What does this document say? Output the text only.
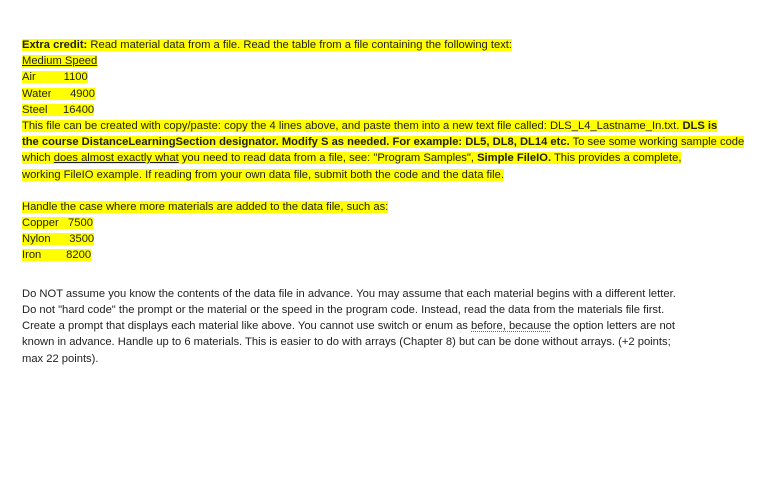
Extra credit: Read material data from a file. Read the table from a file containing the following text:
Medium Speed
Air 1100
Water 4900
Steel 16400
This file can be created with copy/paste: copy the 4 lines above, and paste them into a new text file called: DLS_L4_Lastname_In.txt. DLS is
the course DistanceLearningSection designator. Modify S as needed. For example: DL5, DL8, DL14 etc. To see some working sample code
which does almost exactly what you need to read data from a file, see: "Program Samples", Simple FileIO. This provides a complete,
working FileIO example. If reading from your own data file, submit both the code and the data file.
Handle the case where more materials are added to the data file, such as:
Copper 7500
Nylon 3500
Iron 8200
Do NOT assume you know the contents of the data file in advance. You may assume that each material begins with a different letter.
Do not "hard code" the prompt or the material or the speed in the program code. Instead, read the data from the materials file first.
Create a prompt that displays each material like above. You cannot use switch or enum as before, because the option letters are not
known in advance. Handle up to 6 materials. This is easier to do with arrays (Chapter 8) but can be done without arrays. (+2 points;
max 22 points).
